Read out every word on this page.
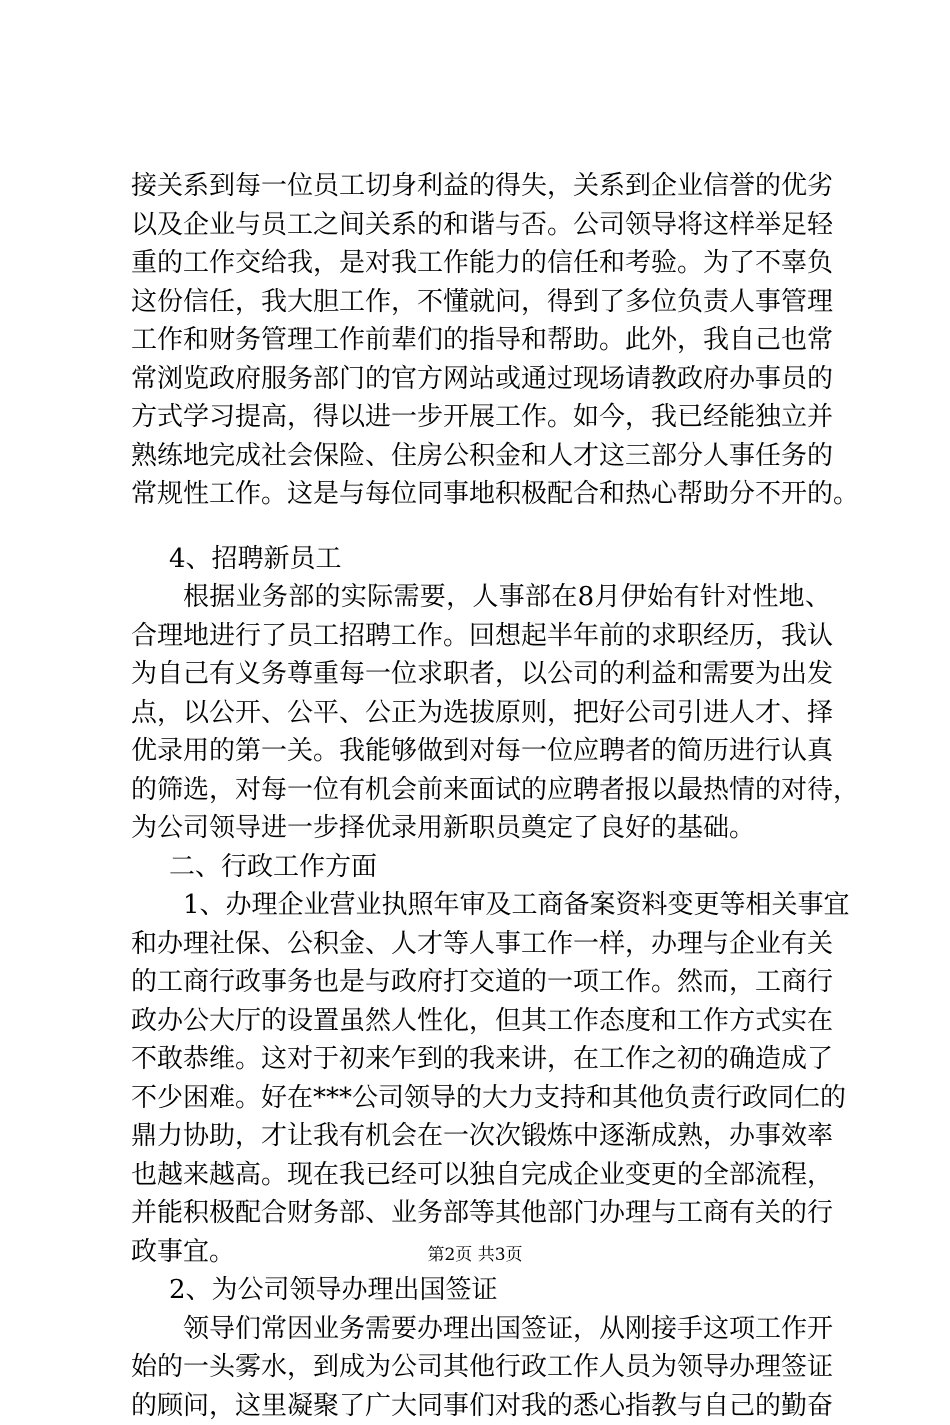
接关系到每一位员工切身利益的得失，关系到企业信誉的优劣
以及企业与员工之间关系的和谐与否。公司领导将这样举足轻
重的工作交给我，是对我工作能力的信任和考验。为了不辜负
这份信任，我大胆工作，不懂就问，得到了多位负责人事管理
工作和财务管理工作前辈们的指导和帮助。此外，我自己也常
常浏览政府服务部门的官方网站或通过现场请教政府办事员的
方式学习提高，得以进一步开展工作。如今，我已经能独立并
熟练地完成社会保险、住房公积金和人才这三部分人事任务的
常规性工作。这是与每位同事地积极配合和热心帮助分不开的。
4、招聘新员工
根据业务部的实际需要，人事部在8月伊始有针对性地、
合理地进行了员工招聘工作。回想起半年前的求职经历，我认
为自己有义务尊重每一位求职者，以公司的利益和需要为出发
点，以公开、公平、公正为选拔原则，把好公司引进人才、择
优录用的第一关。我能够做到对每一位应聘者的简历进行认真
的筛选，对每一位有机会前来面试的应聘者报以最热情的对待，
为公司领导进一步择优录用新职员奠定了良好的基础。
二、行政工作方面
1、办理企业营业执照年审及工商备案资料变更等相关事宜
和办理社保、公积金、人才等人事工作一样，办理与企业有关
的工商行政事务也是与政府打交道的一项工作。然而，工商行
政办公大厅的设置虽然人性化，但其工作态度和工作方式实在
不敢恭维。这对于初来乍到的我来讲，在工作之初的确造成了
不少困难。好在***公司领导的大力支持和其他负责行政同仁的
鼎力协助，才让我有机会在一次次锻炼中逐渐成熟，办事效率
也越来越高。现在我已经可以独自完成企业变更的全部流程，
并能积极配合财务部、业务部等其他部门办理与工商有关的行
政事宜。
2、为公司领导办理出国签证
领导们常因业务需要办理出国签证，从刚接手这项工作开
始的一头雾水，到成为公司其他行政工作人员为领导办理签证
的顾问，这里凝聚了广大同事们对我的悉心指教与自己的勤奋
第2页 共3页
